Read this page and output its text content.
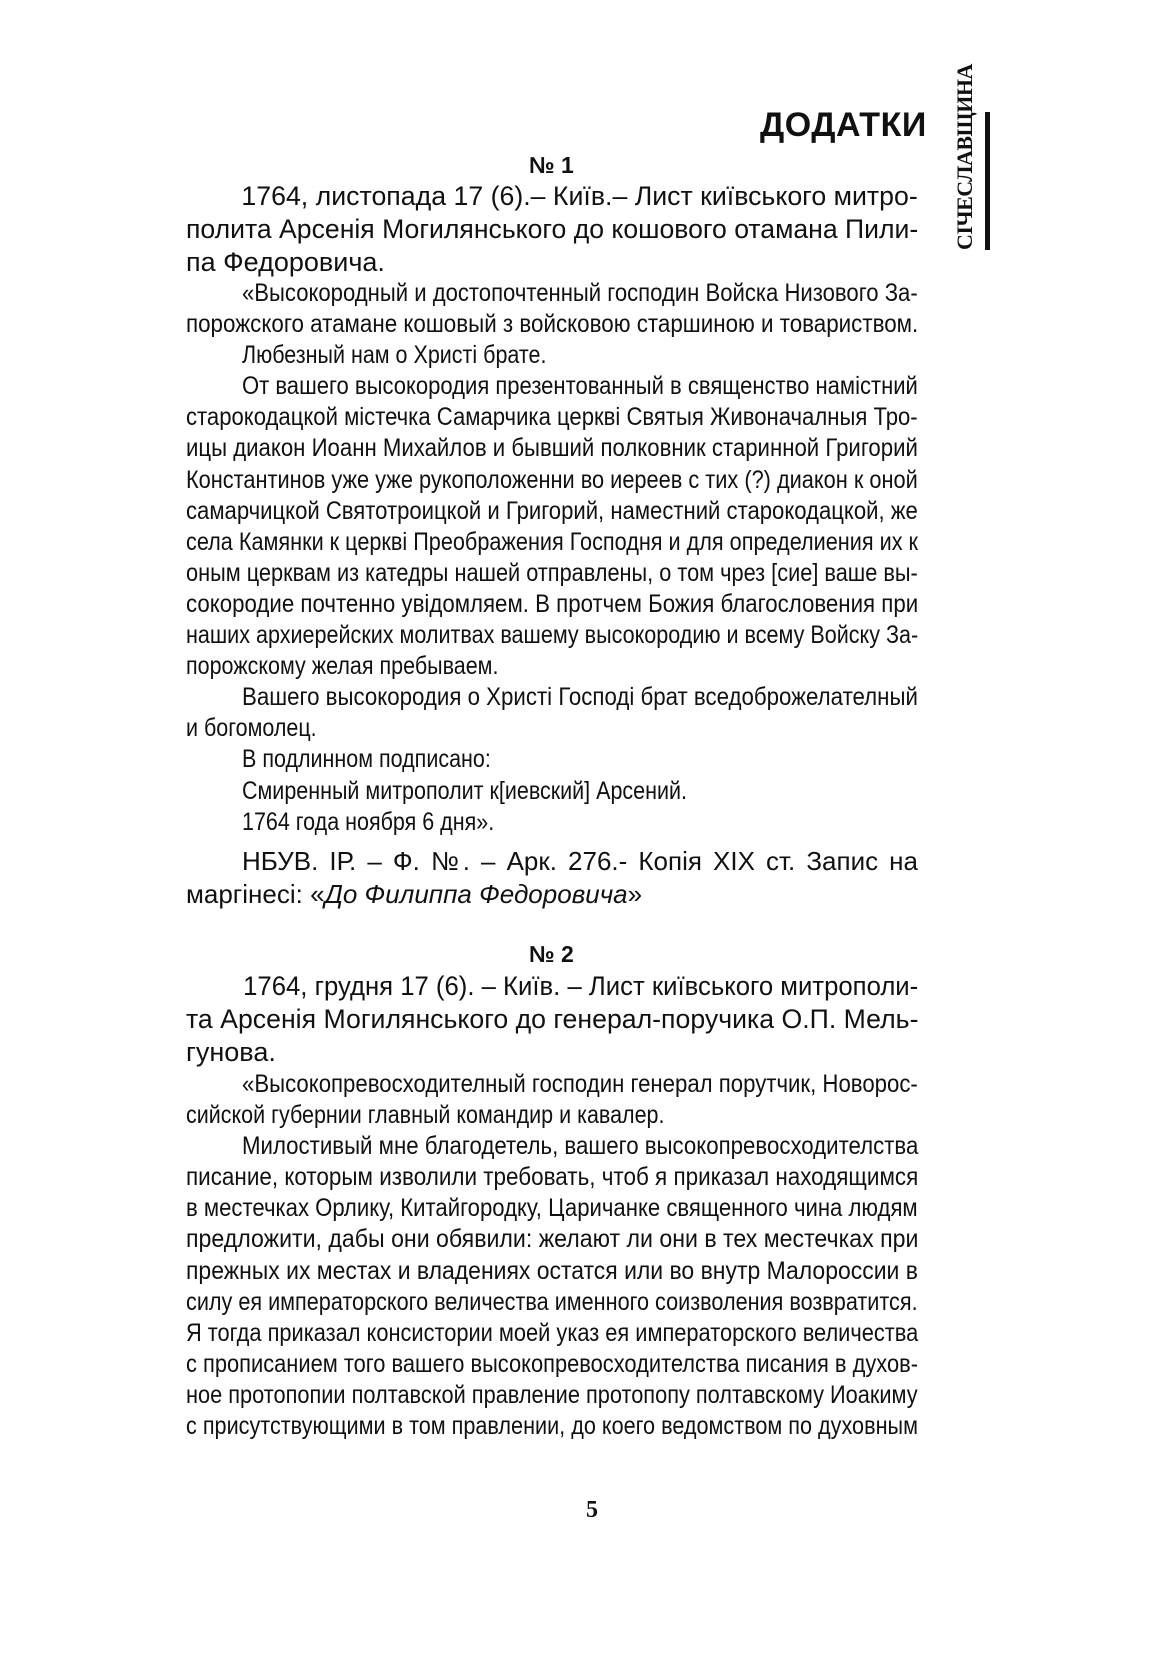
ДОДАТКИ СІЧЕСЛАВЩИНА
№ 1
1764, листопада 17 (6).– Київ.– Лист київського митро-
полита Арсенія Могилянського до кошового отамана Пили-
па Федоровича.
«Высокородный и достопочтенный господин Войска Низового За-
порожского атамане кошовый з войсковою старшиною и товариством.
Любезный нам о Христі брате.
От вашего высокородия презентованный в священство намістний
старокодацкой містечка Самарчика церкві Святыя Живоначалныя Тро-
ицы диакон Иоанн Михайлов и бывший полковник старинной Григорий
Константинов уже уже рукоположенни во иереев с тих (?) диакон к оной
самарчицкой Святотроицкой и Григорий, наместний старокодацкой, же
села Камянки к церкві Преображения Господня и для определиения их к
оным церквам из катедры нашей отправлены, о том чрез [сие] ваше вы-
сокородие почтенно увідомляем. В протчем Божия благословения при
наших архиерейских молитвах вашему высокородию и всему Войску За-
порожскому желая пребываем.
Вашего высокородия о Христі Господі брат вседоброжелателный
и богомолец.
В подлинном подписано:
Смиренный митрополит к[иевский] Арсений.
1764 года ноября 6 дня».
НБУВ. ІР. – Ф. №. – Арк. 276.- Копія ХІХ ст. Запис на
маргінесі: «До Филиппа Федоровича»
№ 2
1764, грудня 17 (6). – Київ. – Лист київського митрополи-
та Арсенія Могилянського до генерал-поручика О.П. Мель-
гунова.
«Высокопревосходителный господин генерал порутчик, Новорос-
сийской губернии главный командир и кавалер.
Милостивый мне благодетель, вашего высокопревосходителства
писание, которым изволили требовать, чтоб я приказал находящимся
в местечках Орлику, Китайгородку, Царичанке священного чина людям
предложити, дабы они обявили: желают ли они в тех местечках при
прежных их местах и владениях остатся или во внутр Малороссии в
силу ея императорского величества именного соизволения возвратится.
Я тогда приказал консистории моей указ ея императорского величества
с прописанием того вашего высокопревосходителства писания в духов-
ное протопопии полтавской правление протопопу полтавскому Иоакиму
с присутствующими в том правлении, до коего ведомством по духовным
5
